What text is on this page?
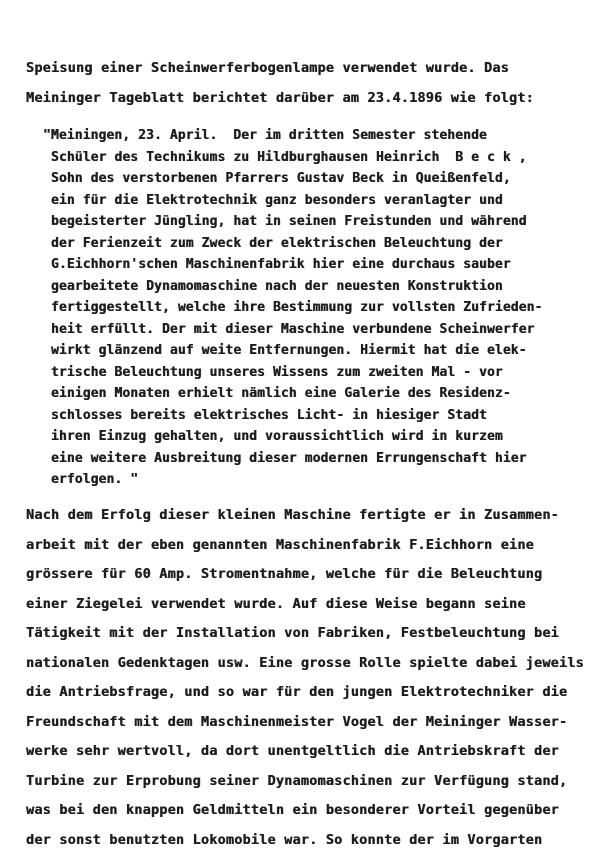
Speisung einer Scheinwerferbogenlampe verwendet wurde. Das
Meininger Tageblatt berichtet darüber am 23.4.1896 wie folgt:
"Meiningen, 23. April.  Der im dritten Semester stehende
Schüler des Technikums zu Hildburghausen Heinrich  B e c k ,
Sohn des verstorbenen Pfarrers Gustav Beck in Queißenfeld,
ein für die Elektrotechnik ganz besonders veranlagter und
begeisterter Jüngling, hat in seinen Freistunden und während
der Ferienzeit zum Zweck der elektrischen Beleuchtung der
G.Eichhorn'schen Maschinenfabrik hier eine durchaus sauber
gearbeitete Dynamomaschine nach der neuesten Konstruktion
fertiggestellt, welche ihre Bestimmung zur vollsten Zufrieden-
heit erfüllt. Der mit dieser Maschine verbundene Scheinwerfer
wirkt glänzend auf weite Entfernungen. Hiermit hat die elek-
trische Beleuchtung unseres Wissens zum zweiten Mal - vor
einigen Monaten erhielt nämlich eine Galerie des Residenz-
schlosses bereits elektrisches Licht- in hiesiger Stadt
ihren Einzug gehalten, und voraussichtlich wird in kurzem
eine weitere Ausbreitung dieser modernen Errungenschaft hier
erfolgen. "
Nach dem Erfolg dieser kleinen Maschine fertigte er in Zusammen-
arbeit mit der eben genannten Maschinenfabrik F.Eichhorn eine
grössere für 60 Amp. Stromentnahme, welche für die Beleuchtung
einer Ziegelei verwendet wurde. Auf diese Weise begann seine
Tätigkeit mit der Installation von Fabriken, Festbeleuchtung bei
nationalen Gedenktagen usw. Eine grosse Rolle spielte dabei jeweils
die Antriebsfrage, und so war für den jungen Elektrotechniker die
Freundschaft mit dem Maschinenmeister Vogel der Meininger Wasser-
werke sehr wertvoll, da dort unentgeltlich die Antriebskraft der
Turbine zur Erprobung seiner Dynamomaschinen zur Verfügung stand,
was bei den knappen Geldmitteln ein besonderer Vorteil gegenüber
der sonst benutzten Lokomobile war. So konnte der im Vorgarten
